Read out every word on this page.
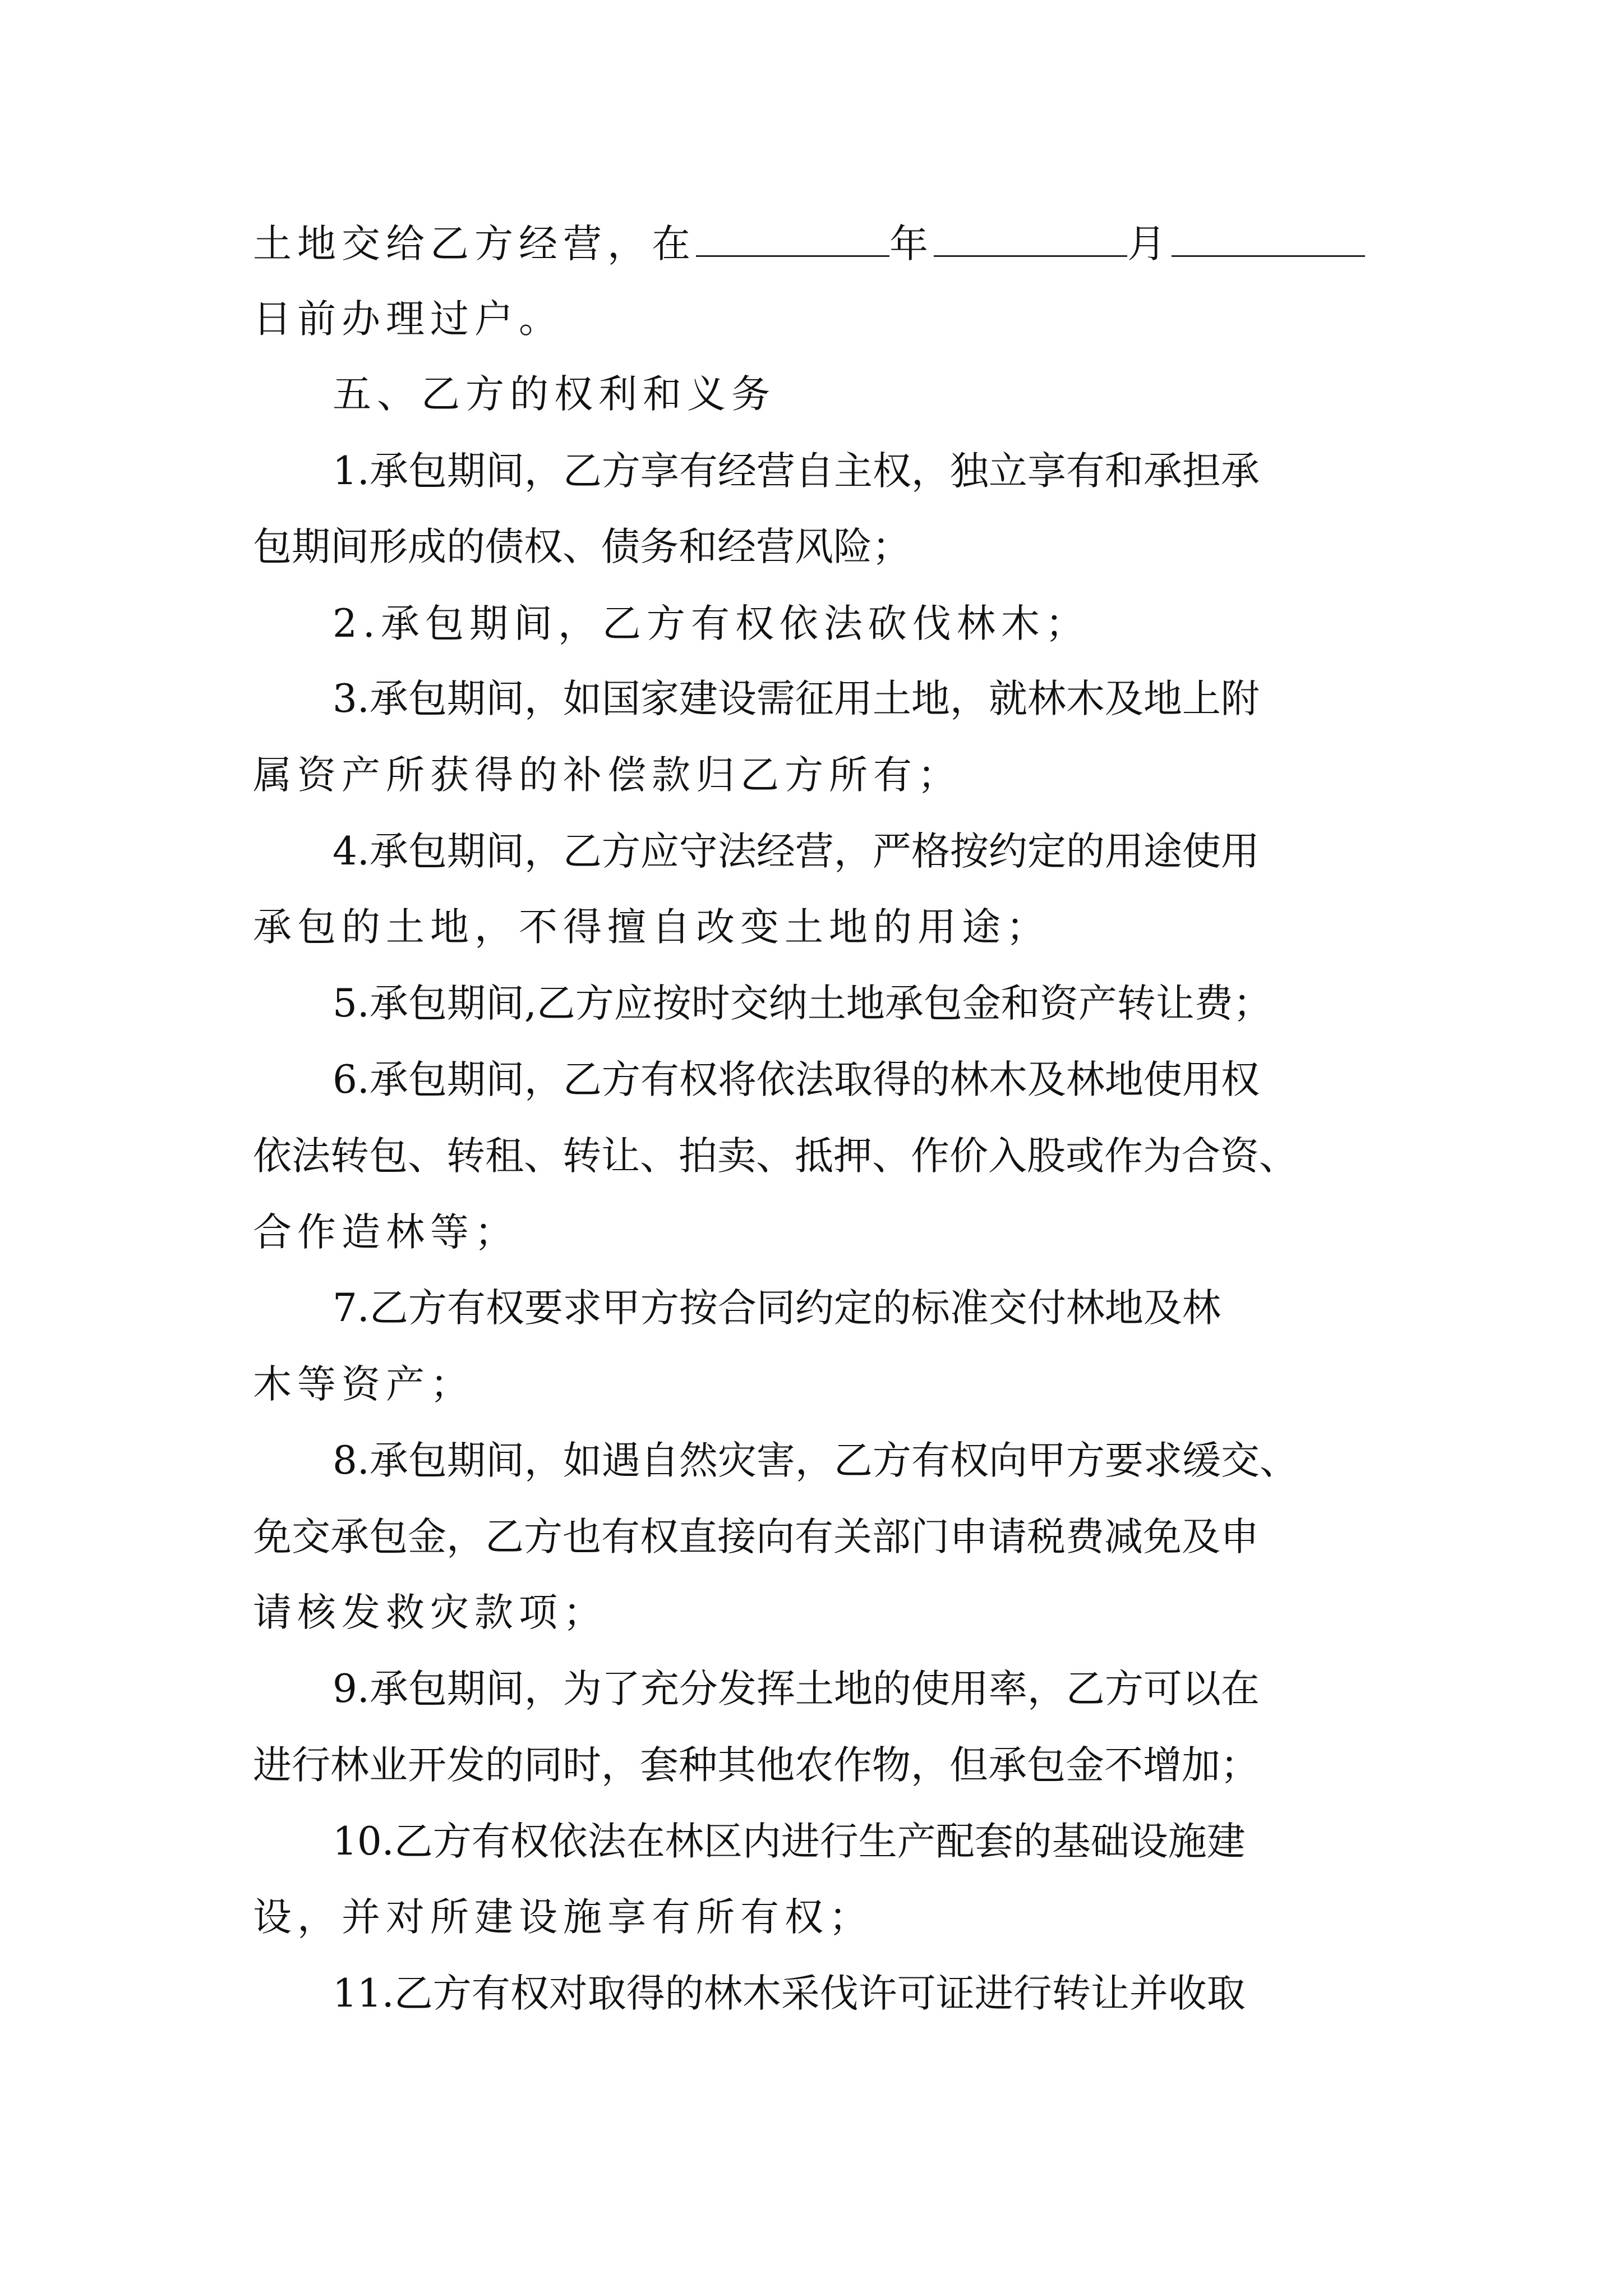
土地交给乙方经营，在	年	月
日前办理过户。
五、乙方的权利和义务
1.承包期间，乙方享有经营自主权，独立享有和承担承
包期间形成的债权、债务和经营风险；
2.承包期间，乙方有权依法砍伐林木；
3.承包期间，如国家建设需征用土地，就林木及地上附
属资产所获得的补偿款归乙方所有；
4.承包期间，乙方应守法经营，严格按约定的用途使用
承包的土地，不得擅自改变土地的用途；
5.承包期间,乙方应按时交纳土地承包金和资产转让费；
6.承包期间，乙方有权将依法取得的林木及林地使用权
依法转包、转租、转让、拍卖、抵押、作价入股或作为合资、
合作造林等；
7.乙方有权要求甲方按合同约定的标准交付林地及林
木等资产；
8.承包期间，如遇自然灾害，乙方有权向甲方要求缓交、
免交承包金，乙方也有权直接向有关部门申请税费减免及申
请核发救灾款项；
9.承包期间，为了充分发挥土地的使用率，乙方可以在
进行林业开发的同时，套种其他农作物，但承包金不增加；
10.乙方有权依法在林区内进行生产配套的基础设施建
设，并对所建设施享有所有权；
11.乙方有权对取得的林木采伐许可证进行转让并收取
